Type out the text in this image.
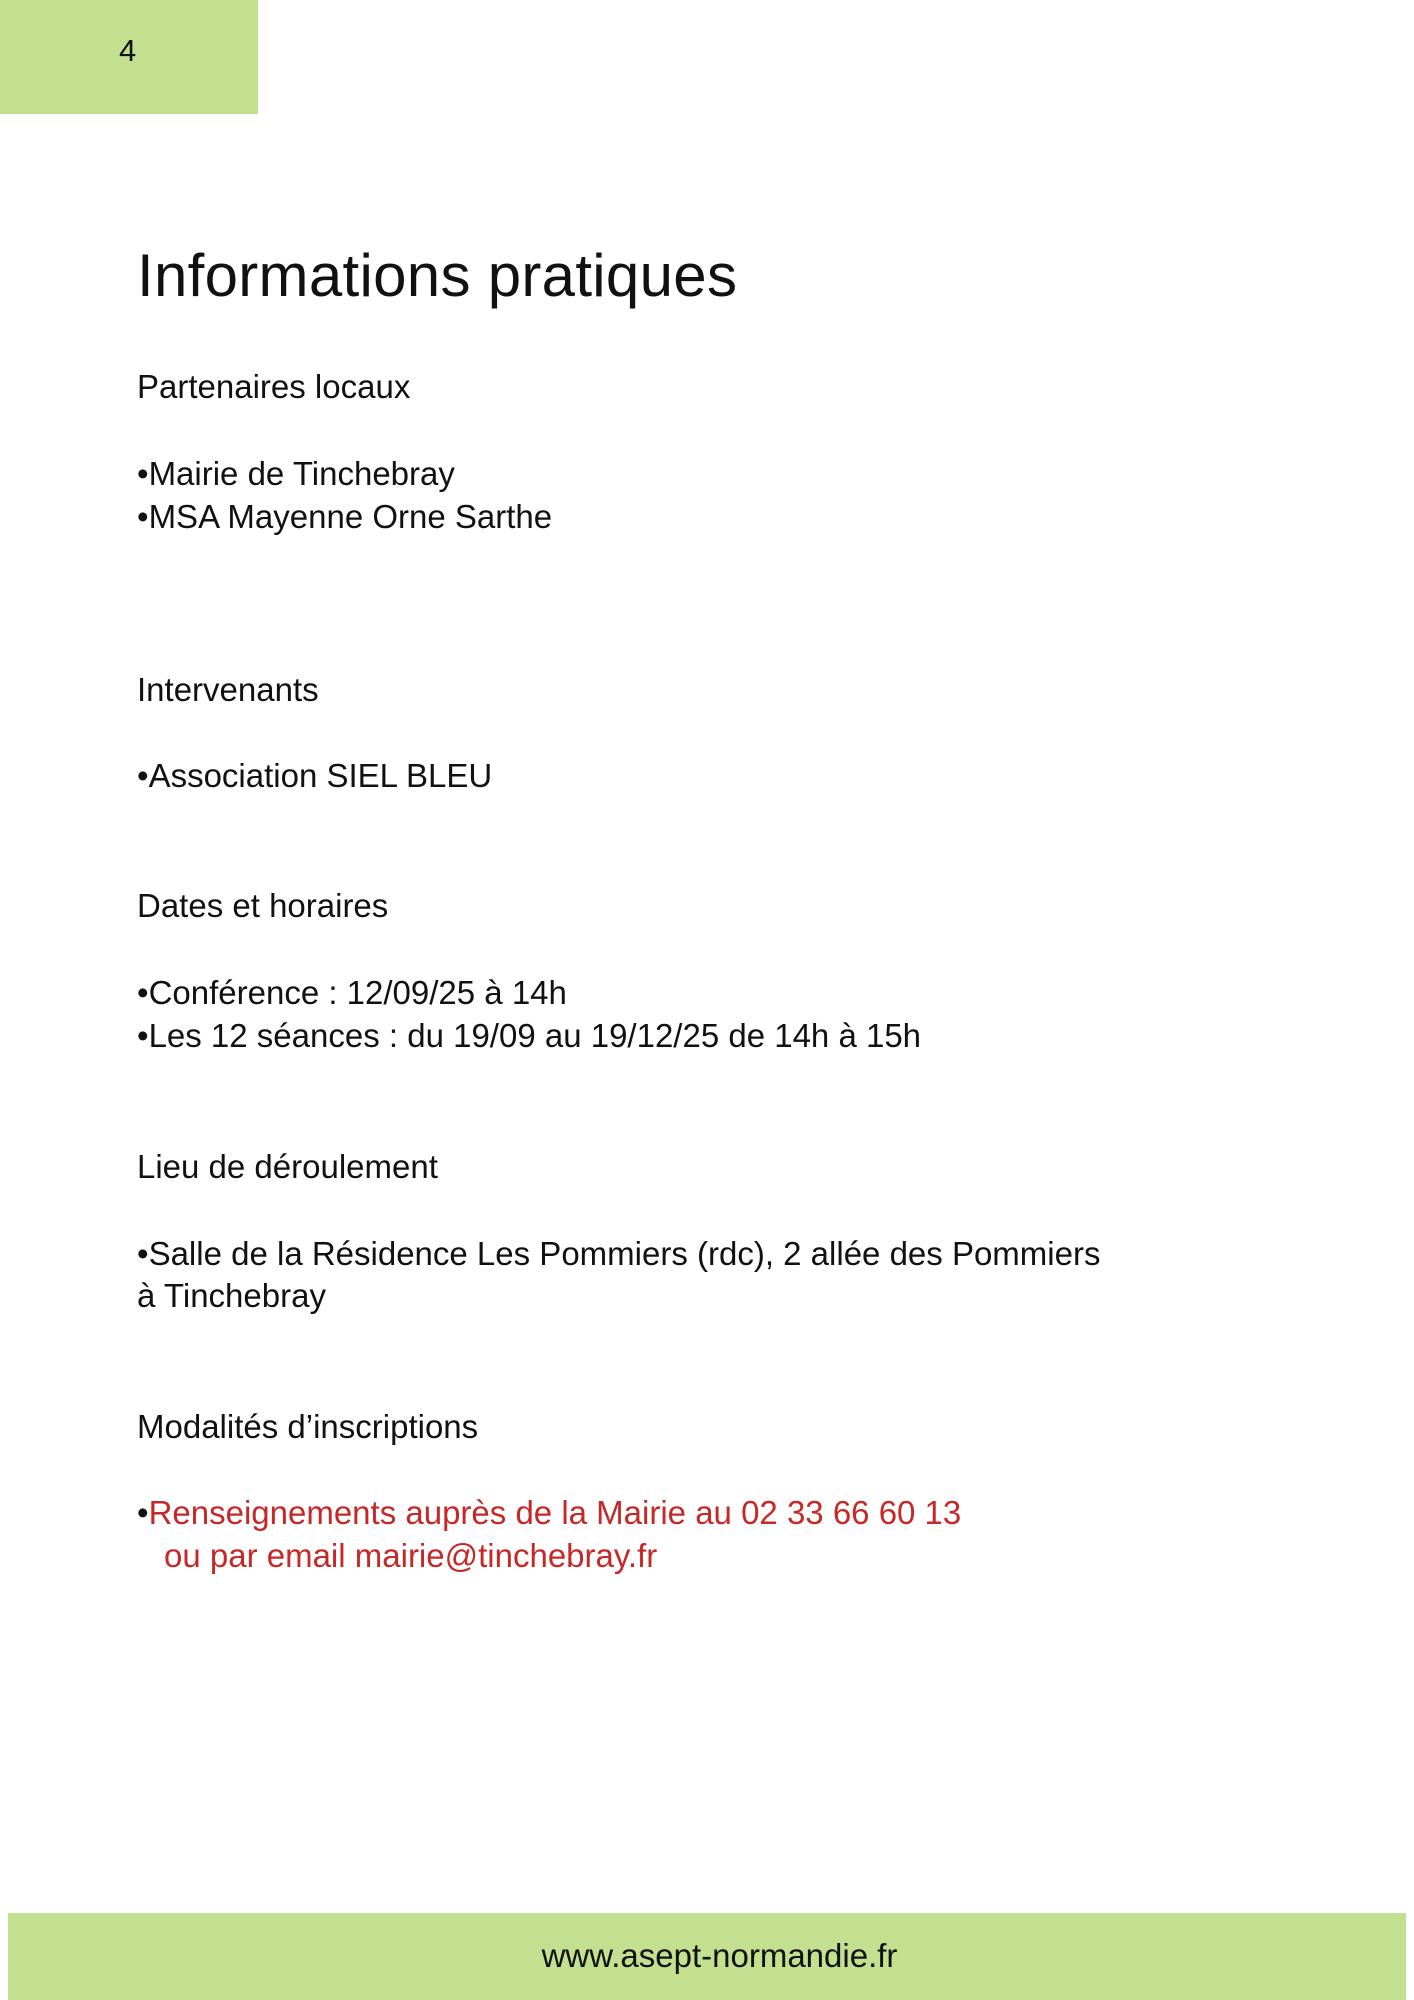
4
Informations pratiques
Partenaires locaux
•Mairie de Tinchebray
•MSA Mayenne Orne Sarthe
Intervenants
•Association SIEL BLEU
Dates et horaires
•Conférence : 12/09/25 à 14h
•Les 12 séances : du 19/09 au 19/12/25 de 14h à 15h
Lieu de déroulement
•Salle de la Résidence Les Pommiers (rdc), 2 allée des Pommiers à Tinchebray
Modalités d’inscriptions
•Renseignements auprès de la Mairie au 02 33 66 60 13
ou par email mairie@tinchebray.fr
www.asept-normandie.fr
